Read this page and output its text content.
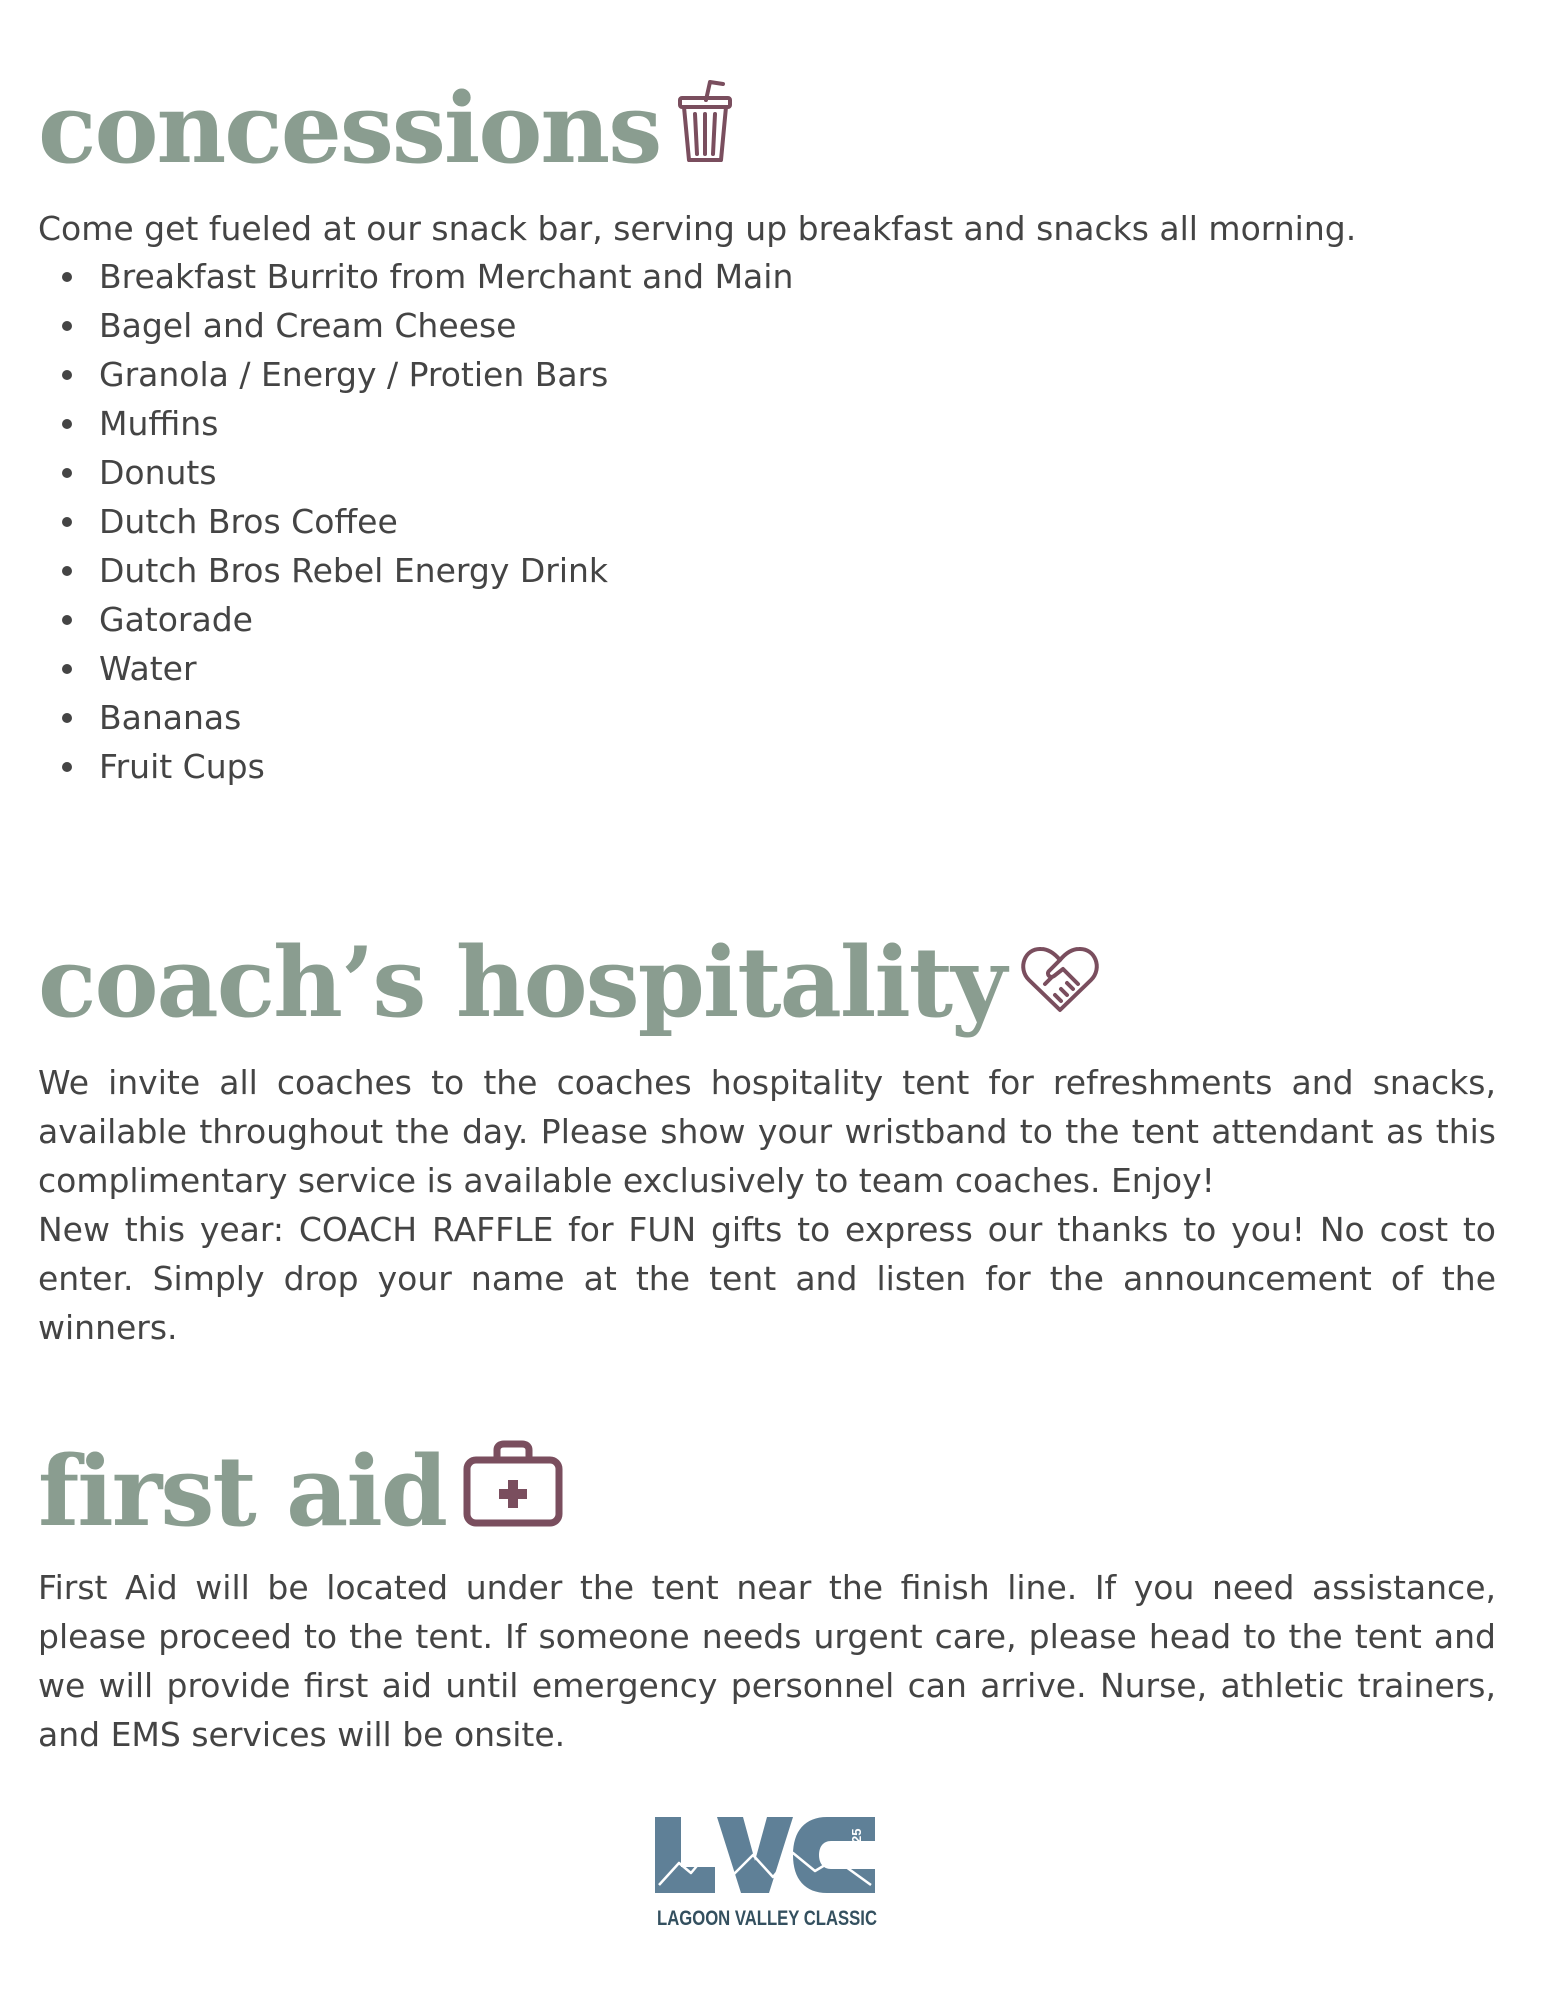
concessions

Come get fueled at our snack bar, serving up breakfast and snacks all morning.

Breakfast Burrito from Merchant and Main
Bagel and Cream Cheese
Granola / Energy / Protien Bars
Muffins
Donuts
Dutch Bros Coffee
Dutch Bros Rebel Energy Drink
Gatorade
Water
Bananas
Fruit Cups
coach’s hospitality

We invite all coaches to the coaches hospitality tent for refreshments and snacks, available throughout the day. Please show your wristband to the tent attendant as this complimentary service is available exclusively to team coaches. Enjoy!

New this year: COACH RAFFLE for FUN gifts to express our thanks to you! No cost to enter. Simply drop your name at the tent and listen for the announcement of the winners.

first aid

First Aid will be located under the tent near the finish line. If you need assistance, please proceed to the tent. If someone needs urgent care, please head to the tent and we will provide first aid until emergency personnel can arrive. Nurse, athletic trainers, and EMS services will be onsite.

2025
LAGOON VALLEY CLASSIC
